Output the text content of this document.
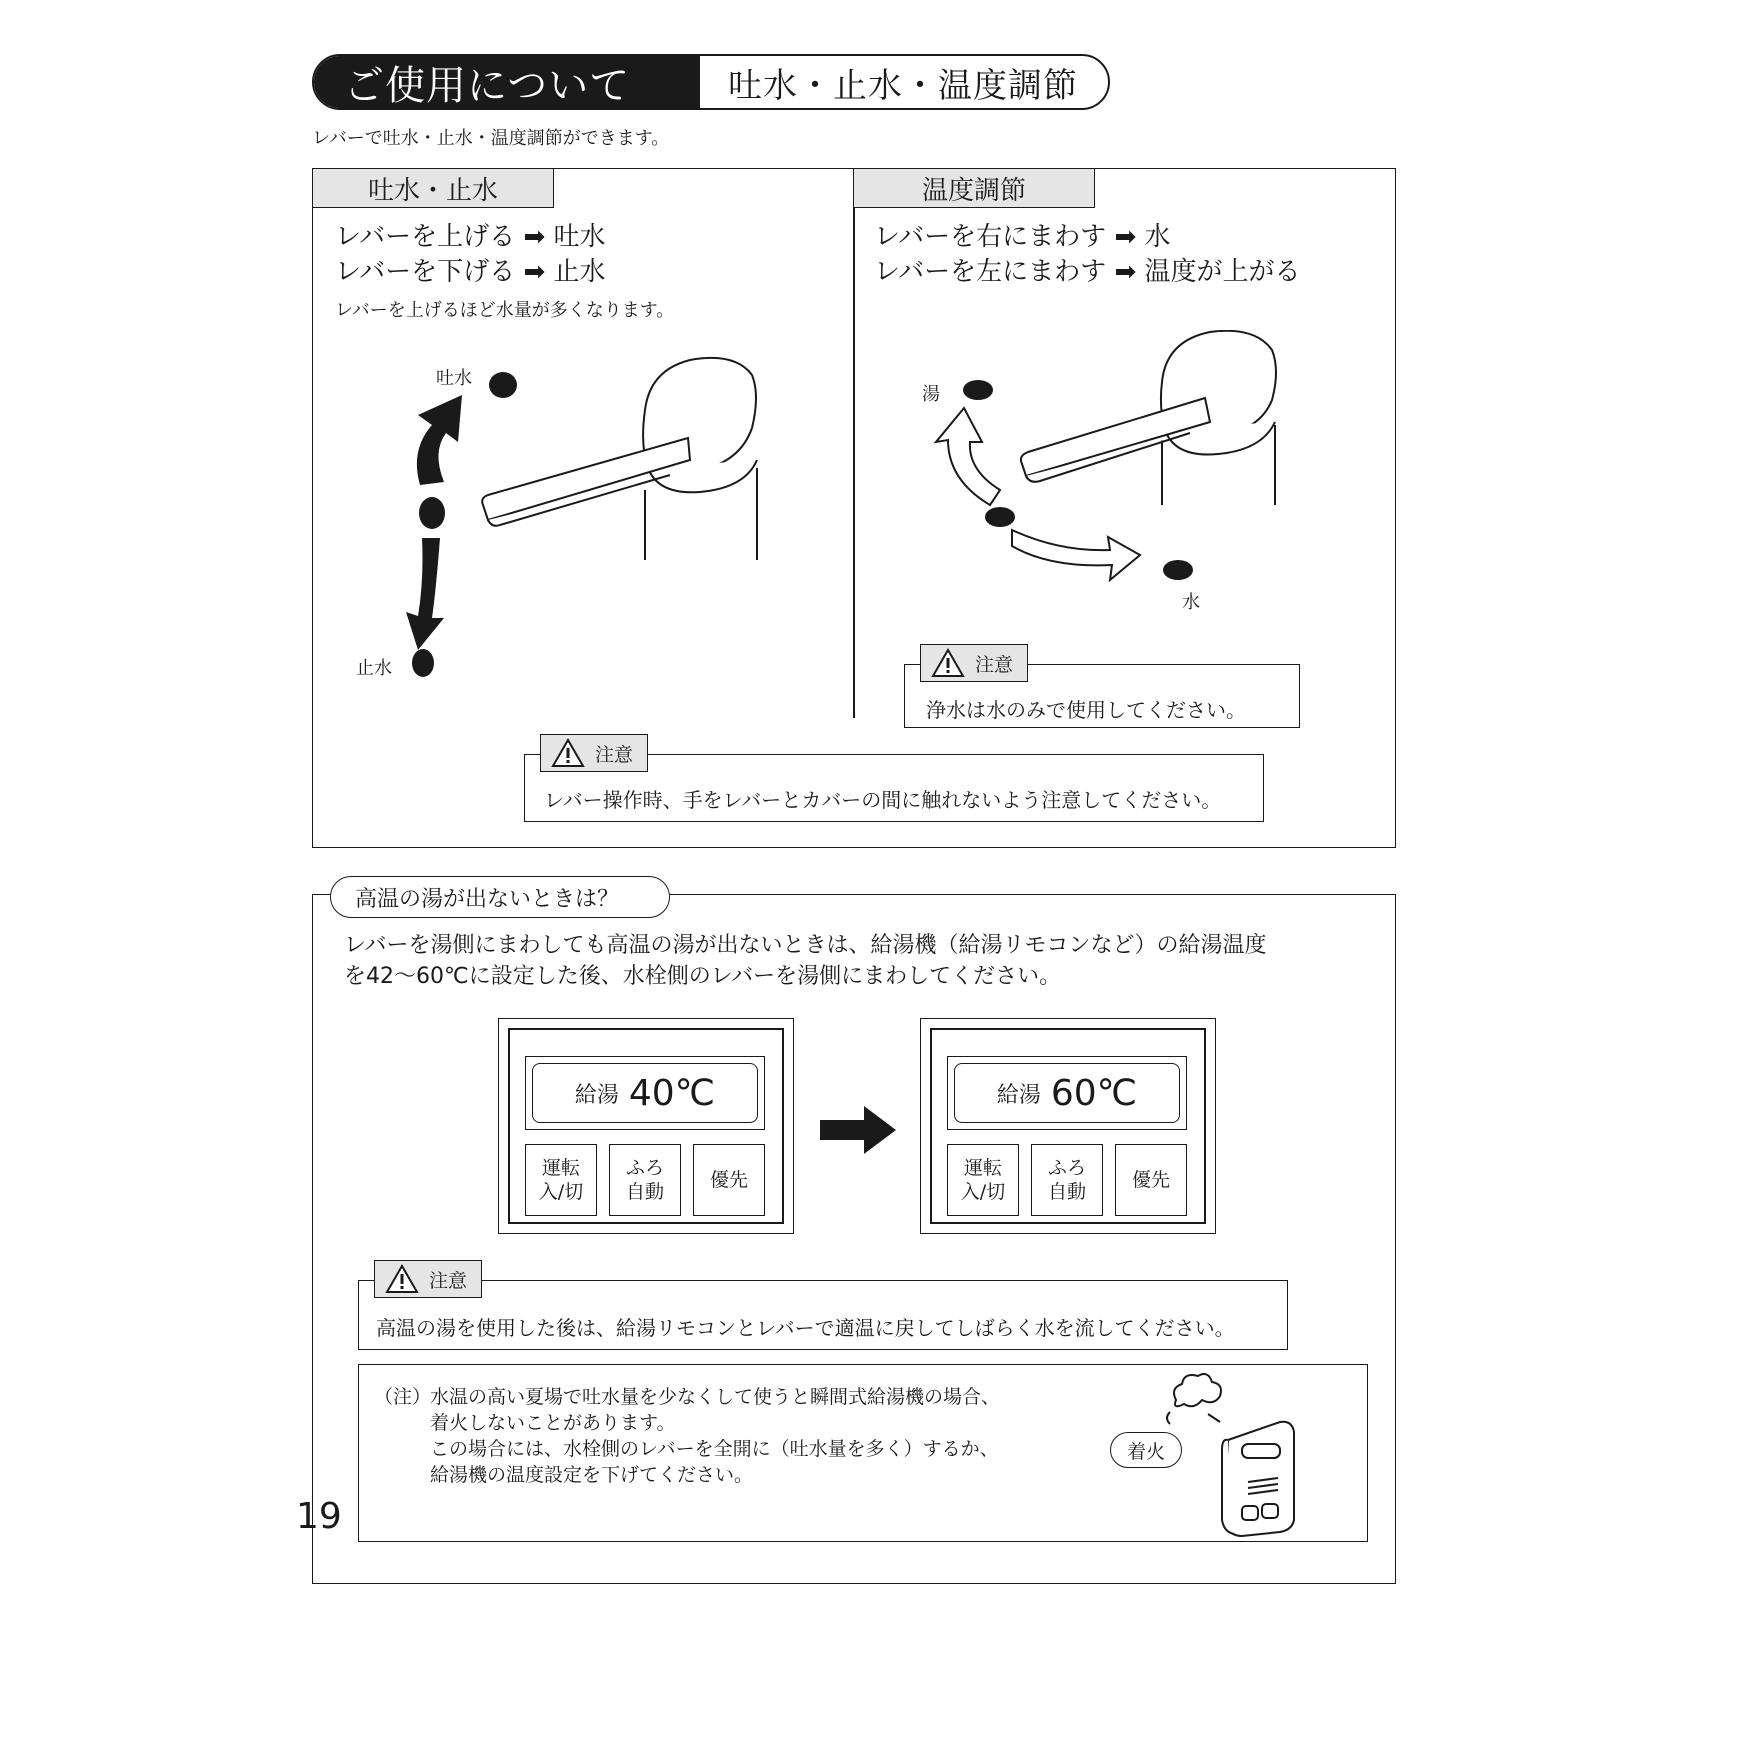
ご使用について	吐水・止水・温度調節
レバーで吐水・止水・温度調節ができます。
吐水・止水	温度調節
レバーを上げる ➡ 吐水
レバーを下げる ➡ 止水
レバーを上げるほど水量が多くなります。
レバーを右にまわす ➡ 水
レバーを左にまわす ➡ 温度が上がる
吐水
止水
湯
水
注意
浄水は水のみで使用してください。
注意
レバー操作時、手をレバーとカバーの間に触れないよう注意してください。
高温の湯が出ないときは？
レバーを湯側にまわしても高温の湯が出ないときは、給湯機（給湯リモコンなど）の給湯温度
を42～60℃に設定した後、水栓側のレバーを湯側にまわしてください。
給湯 40℃
運転
入/切
ふろ
自動
優先
給湯 60℃
運転
入/切
ふろ
自動
優先
注意
高温の湯を使用した後は、給湯リモコンとレバーで適温に戻してしばらく水を流してください。
（注）
水温の高い夏場で吐水量を少なくして使うと瞬間式給湯機の場合、
着火しないことがあります。
この場合には、水栓側のレバーを全開に（吐水量を多く）するか、
給湯機の温度設定を下げてください。
着火
19
